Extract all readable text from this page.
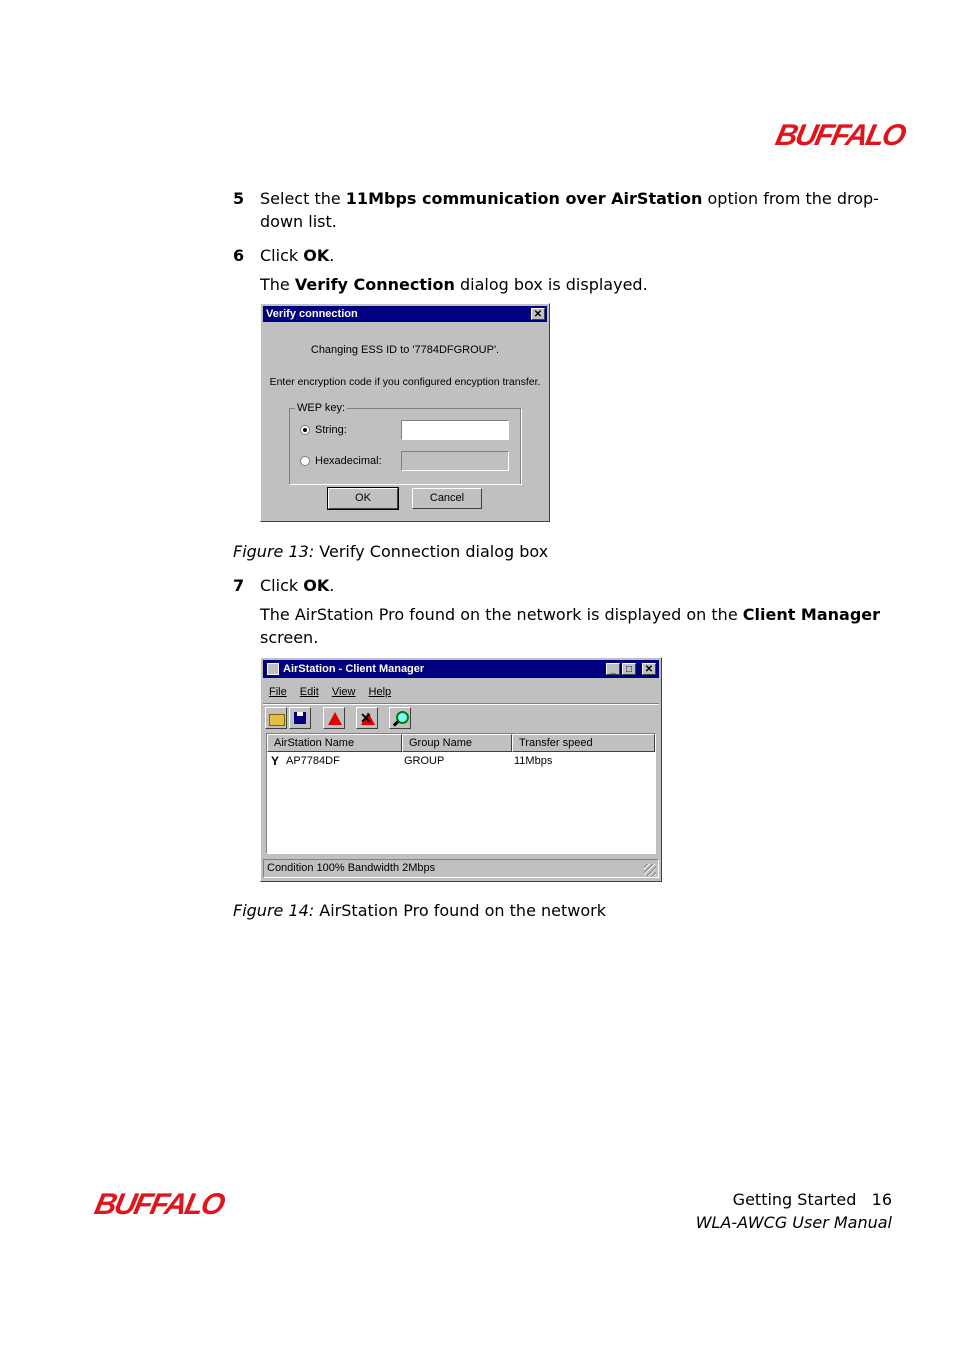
BUFFALO
5 Select the 11Mbps communication over AirStation option from the drop-down list.
6 Click OK.
The Verify Connection dialog box is displayed.
Verify connection	✕
Changing ESS ID to '7784DFGROUP'.
Enter encryption code if you configured encyption transfer.
WEP key:
String:
Hexadecimal:
OK	Cancel
Figure 13: Verify Connection dialog box
7 Click OK.
The AirStation Pro found on the network is displayed on the Client Manager screen.
AirStation - Client Manager	_	□	✕
File Edit View Help
✕
AirStation Name	Group Name	Transfer speed
Y AP7784DF	GROUP	11Mbps
Condition 100% Bandwidth 2Mbps
Figure 14: AirStation Pro found on the network
BUFFALO	Getting Started 16
WLA-AWCG User Manual
